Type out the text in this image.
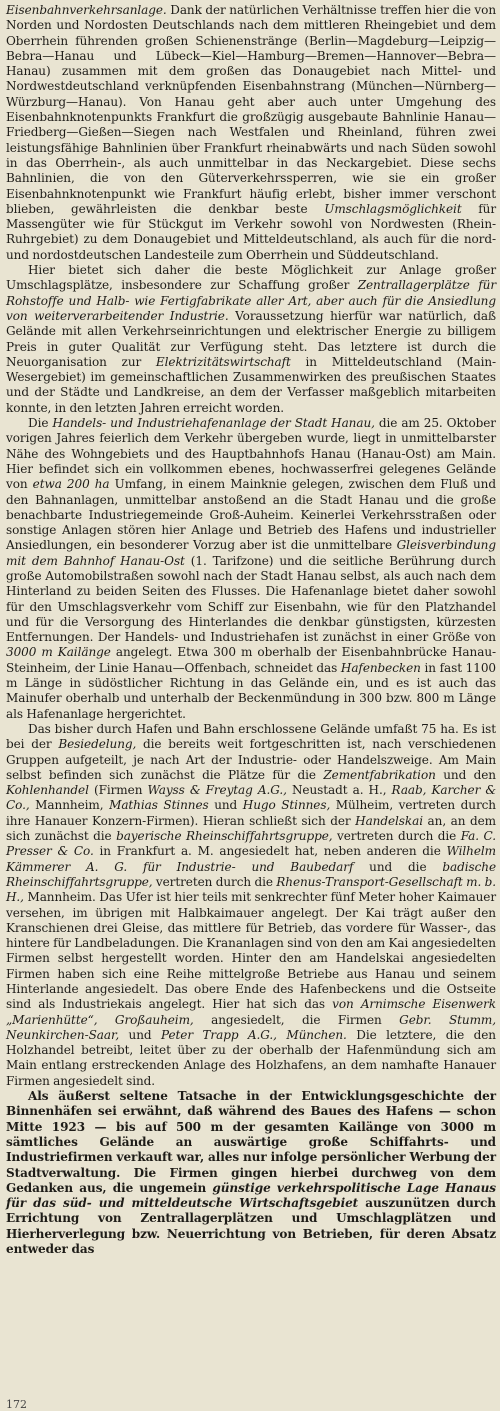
Eisenbahnverkehrsanlage. Dank der natürlichen Verhältnisse treffen hier die von Norden und Nordosten Deutschlands nach dem mittleren Rheingebiet und dem Oberrhein führenden großen Schienenstränge (Berlin—Magdeburg—Leipzig—Bebra—Hanau und Lübeck—Kiel—Hamburg—Bremen—Hannover—Bebra—Hanau) zusammen mit dem großen das Donaugebiet nach Mittel- und Nordwestdeutschland verknüpfenden Eisenbahnstrang (München—Nürnberg—Würzburg—Hanau). Von Hanau geht aber auch unter Umgehung des Eisenbahnknotenpunkts Frankfurt die großzügig ausgebaute Bahnlinie Hanau—Friedberg—Gießen—Siegen nach Westfalen und Rheinland, führen zwei leistungsfähige Bahnlinien über Frankfurt rheinabwärts und nach Süden sowohl in das Oberrhein-, als auch unmittelbar in das Neckargebiet. Diese sechs Bahnlinien, die von den Güterverkehrssperren, wie sie ein großer Eisenbahnknotenpunkt wie Frankfurt häufig erlebt, bisher immer verschont blieben, gewährleisten die denkbar beste Umschlagsmöglichkeit für Massengüter wie für Stückgut im Verkehr sowohl von Nordwesten (Rhein-Ruhrgebiet) zu dem Donaugebiet und Mitteldeutschland, als auch für die nord- und nordostdeutschen Landesteile zum Oberrhein und Süddeutschland.

Hier bietet sich daher die beste Möglichkeit zur Anlage großer Umschlagsplätze, insbesondere zur Schaffung großer Zentrallagerplätze für Rohstoffe und Halb- wie Fertigfabrikate aller Art, aber auch für die Ansiedlung von weiterverarbeitender Industrie. Voraussetzung hierfür war natürlich, daß Gelände mit allen Verkehrseinrichtungen und elektrischer Energie zu billigem Preis in guter Qualität zur Verfügung steht. Das letztere ist durch die Neuorganisation zur Elektrizitätswirtschaft in Mitteldeutschland (Main-Wesergebiet) im gemeinschaftlichen Zusammenwirken des preußischen Staates und der Städte und Landkreise, an dem der Verfasser maßgeblich mitarbeiten konnte, in den letzten Jahren erreicht worden.

Die Handels- und Industriehafenanlage der Stadt Hanau, die am 25. Oktober vorigen Jahres feierlich dem Verkehr übergeben wurde, liegt in unmittelbarster Nähe des Wohngebiets und des Hauptbahnhofs Hanau (Hanau-Ost) am Main. Hier befindet sich ein vollkommen ebenes, hochwasserfrei gelegenes Gelände von etwa 200 ha Umfang, in einem Mainknie gelegen, zwischen dem Fluß und den Bahnanlagen, unmittelbar anstoßend an die Stadt Hanau und die große benachbarte Industriegemeinde Groß-Auheim. Keinerlei Verkehrsstraßen oder sonstige Anlagen stören hier Anlage und Betrieb des Hafens und industrieller Ansiedlungen, ein besonderer Vorzug aber ist die unmittelbare Gleisverbindung mit dem Bahnhof Hanau-Ost (1. Tarifzone) und die seitliche Berührung durch große Automobilstraßen sowohl nach der Stadt Hanau selbst, als auch nach dem Hinterland zu beiden Seiten des Flusses. Die Hafenanlage bietet daher sowohl für den Umschlagsverkehr vom Schiff zur Eisenbahn, wie für den Platzhandel und für die Versorgung des Hinterlandes die denkbar günstigsten, kürzesten Entfernungen. Der Handels- und Industriehafen ist zunächst in einer Größe von 3000 m Kailänge angelegt. Etwa 300 m oberhalb der Eisenbahnbrücke Hanau-Steinheim, der Linie Hanau—Offenbach, schneidet das Hafenbecken in fast 1100 m Länge in südöstlicher Richtung in das Gelände ein, und es ist auch das Mainufer oberhalb und unterhalb der Beckenmündung in 300 bzw. 800 m Länge als Hafenanlage hergerichtet.

Das bisher durch Hafen und Bahn erschlossene Gelände umfaßt 75 ha. Es ist bei der Besiedelung, die bereits weit fortgeschritten ist, nach verschiedenen Gruppen aufgeteilt, je nach Art der Industrie- oder Handelszweige. Am Main selbst befinden sich zunächst die Plätze für die Zementfabrikation und den Kohlenhandel (Firmen Wayss & Freytag A.G., Neustadt a. H., Raab, Karcher & Co., Mannheim, Mathias Stinnes und Hugo Stinnes, Mülheim, vertreten durch ihre Hanauer Konzern-Firmen). Hieran schließt sich der Handelskai an, an dem sich zunächst die bayerische Rheinschiffahrtsgruppe, vertreten durch die Fa. C. Presser & Co. in Frankfurt a. M. angesiedelt hat, neben anderen die Wilhelm Kämmerer A. G. für Industrie- und Baubedarf und die badische Rheinschiffahrtsgruppe, vertreten durch die Rhenus-Transport-Gesellschaft m. b. H., Mannheim. Das Ufer ist hier teils mit senkrechter fünf Meter hoher Kaimauer versehen, im übrigen mit Halbkaimauer angelegt. Der Kai trägt außer den Kranschienen drei Gleise, das mittlere für Betrieb, das vordere für Wasser-, das hintere für Landbeladungen. Die Krananlagen sind von den am Kai angesiedelten Firmen selbst hergestellt worden. Hinter den am Handelskai angesiedelten Firmen haben sich eine Reihe mittelgroße Betriebe aus Hanau und seinem Hinterlande angesiedelt. Das obere Ende des Hafenbeckens und die Ostseite sind als Industriekais angelegt. Hier hat sich das von Arnimsche Eisenwerk „Marienhütte“, Großauheim, angesiedelt, die Firmen Gebr. Stumm, Neunkirchen-Saar, und Peter Trapp A.G., München. Die letztere, die den Holzhandel betreibt, leitet über zu der oberhalb der Hafenmündung sich am Main entlang erstreckenden Anlage des Holzhafens, an dem namhafte Hanauer Firmen angesiedelt sind.

Als äußerst seltene Tatsache in der Entwicklungsgeschichte der Binnenhäfen sei erwähnt, daß während des Baues des Hafens — schon Mitte 1923 — bis auf 500 m der gesamten Kailänge von 3000 m sämtliches Gelände an auswärtige große Schiffahrts- und Industriefirmen verkauft war, alles nur infolge persönlicher Werbung der Stadtverwaltung. Die Firmen gingen hierbei durchweg von dem Gedanken aus, die ungemein günstige verkehrspolitische Lage Hanaus für das süd- und mitteldeutsche Wirtschaftsgebiet auszunützen durch Errichtung von Zentrallagerplätzen und Umschlagplätzen und Hierherverlegung bzw. Neuerrichtung von Betrieben, für deren Absatz entweder das

172
